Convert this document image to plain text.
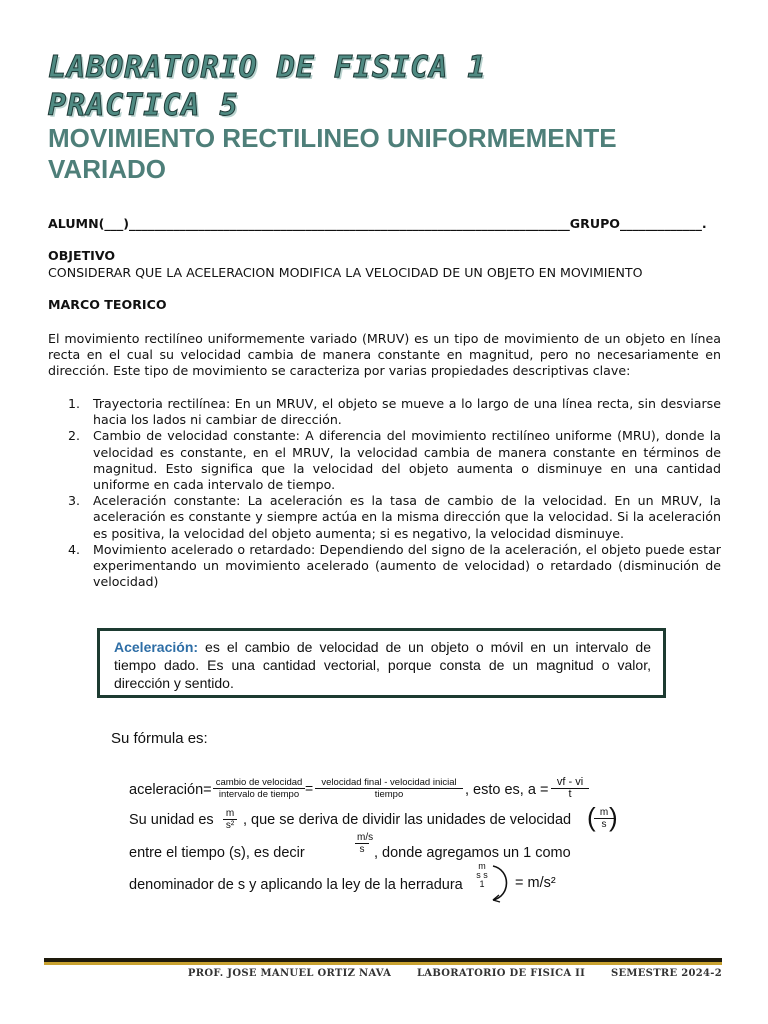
LABORATORIO DE FISICA 1
PRACTICA 5
MOVIMIENTO RECTILINEO UNIFORMEMENTE VARIADO
ALUMN(___)______________________________________________________________________GRUPO_____________.
OBJETIVO
CONSIDERAR QUE LA ACELERACION MODIFICA LA VELOCIDAD DE UN OBJETO EN MOVIMIENTO
MARCO TEORICO
El movimiento rectilíneo uniformemente variado (MRUV) es un tipo de movimiento de un objeto en línea recta en el cual su velocidad cambia de manera constante en magnitud, pero no necesariamente en dirección. Este tipo de movimiento se caracteriza por varias propiedades descriptivas clave:
1. Trayectoria rectilínea: En un MRUV, el objeto se mueve a lo largo de una línea recta, sin desviarse hacia los lados ni cambiar de dirección.
2. Cambio de velocidad constante: A diferencia del movimiento rectilíneo uniforme (MRU), donde la velocidad es constante, en el MRUV, la velocidad cambia de manera constante en términos de magnitud. Esto significa que la velocidad del objeto aumenta o disminuye en una cantidad uniforme en cada intervalo de tiempo.
3. Aceleración constante: La aceleración es la tasa de cambio de la velocidad. En un MRUV, la aceleración es constante y siempre actúa en la misma dirección que la velocidad. Si la aceleración es positiva, la velocidad del objeto aumenta; si es negativo, la velocidad disminuye.
4. Movimiento acelerado o retardado: Dependiendo del signo de la aceleración, el objeto puede estar experimentando un movimiento acelerado (aumento de velocidad) o retardado (disminución de velocidad)
Aceleración: es el cambio de velocidad de un objeto o móvil en un intervalo de tiempo dado. Es una cantidad vectorial, porque consta de un magnitud o valor, dirección y sentido.
Su fórmula es:
aceleración= cambio de velocidad
intervalo de tiempo = velocidad final - velocidad inicial
tiempo	, esto es, $a = \frac{vf - vi}{t}$
Su unidad es $\frac{m}{\text{s²}}$ , que se deriva de dividir las unidades de velocidad (
$\frac{m}{s}$
)
entre el tiempo (s), es decir	$\frac{m/s}{s}$ , donde agregamos un 1 como
denominador de s y aplicando la ley de la herradura
m s s 1	= m/s²
PROF. JOSE MANUEL ORTIZ NAVA	LABORATORIO DE FISICA II	SEMESTRE 2024-2
